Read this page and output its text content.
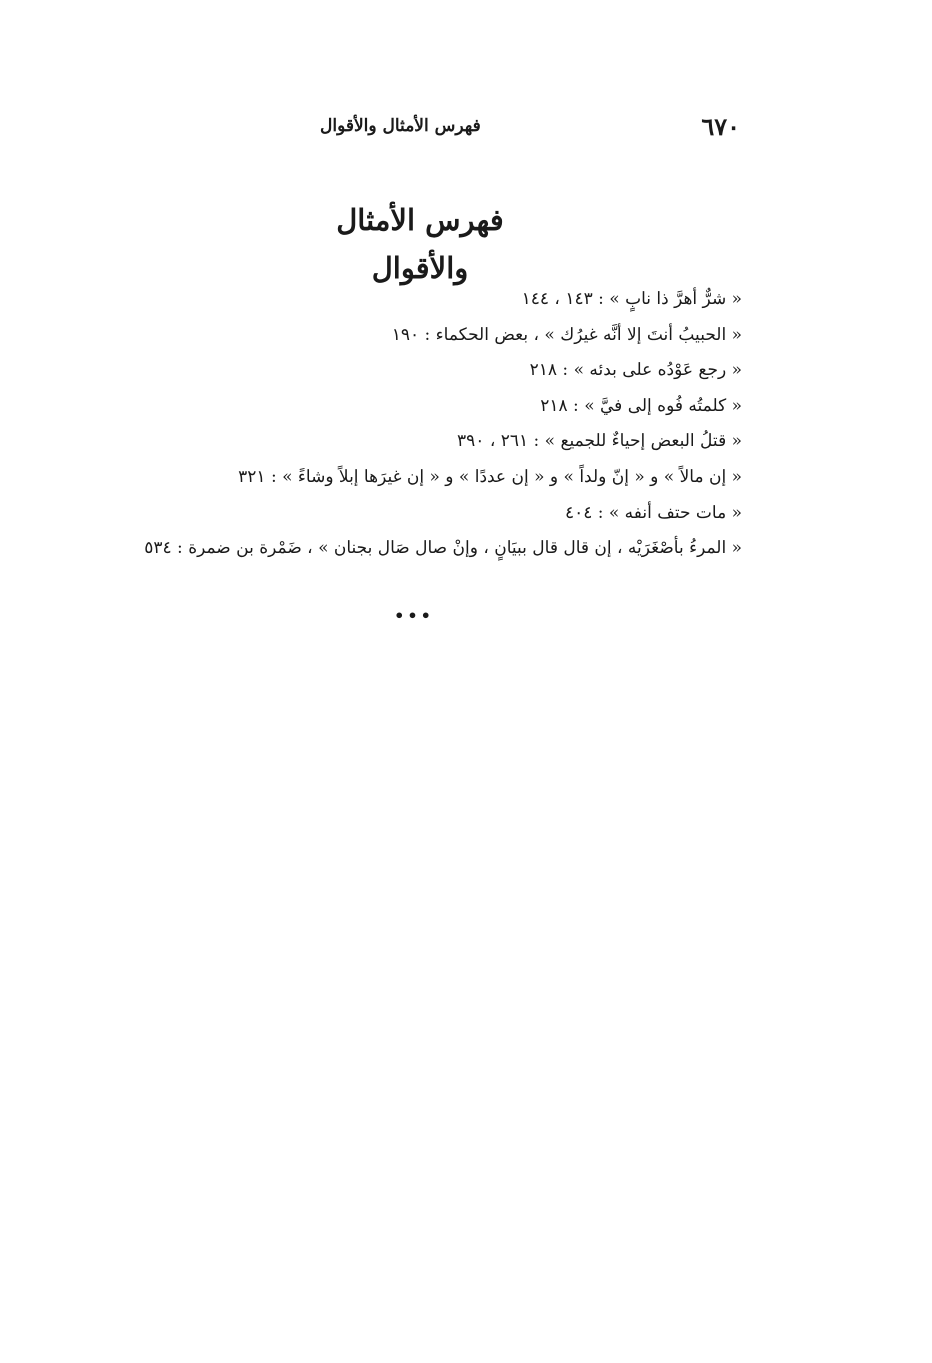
٦٧٠
فهرس الأمثال والأقوال
فهرس الأمثال والأقوال
« شرٌّ أهرَّ ذا نابٍ » : ١٤٣ ، ١٤٤
« الحبيبُ أنتَ إلا أنَّه غيرُك » ، بعض الحكماء : ١٩٠
« رجع عَوْدُه على بدئه » : ٢١٨
« كلمتُه فُوه إلى فيَّ » : ٢١٨
« قتلُ البعض إحياءٌ للجميع » : ٢٦١ ، ٣٩٠
« إن مالاً » و « إنّ ولداً » و « إن عددًا » و « إن غيرَها إبلاً وشاءً » : ٣٢١
« مات حتف أنفه » : ٤٠٤
« المرءُ بأصْغَرَيْه ، إن قال قال ببيَانٍ ، وإنْ صال صَال بجنان » ، ضَمْرة بن ضمرة : ٥٣٤
•••
